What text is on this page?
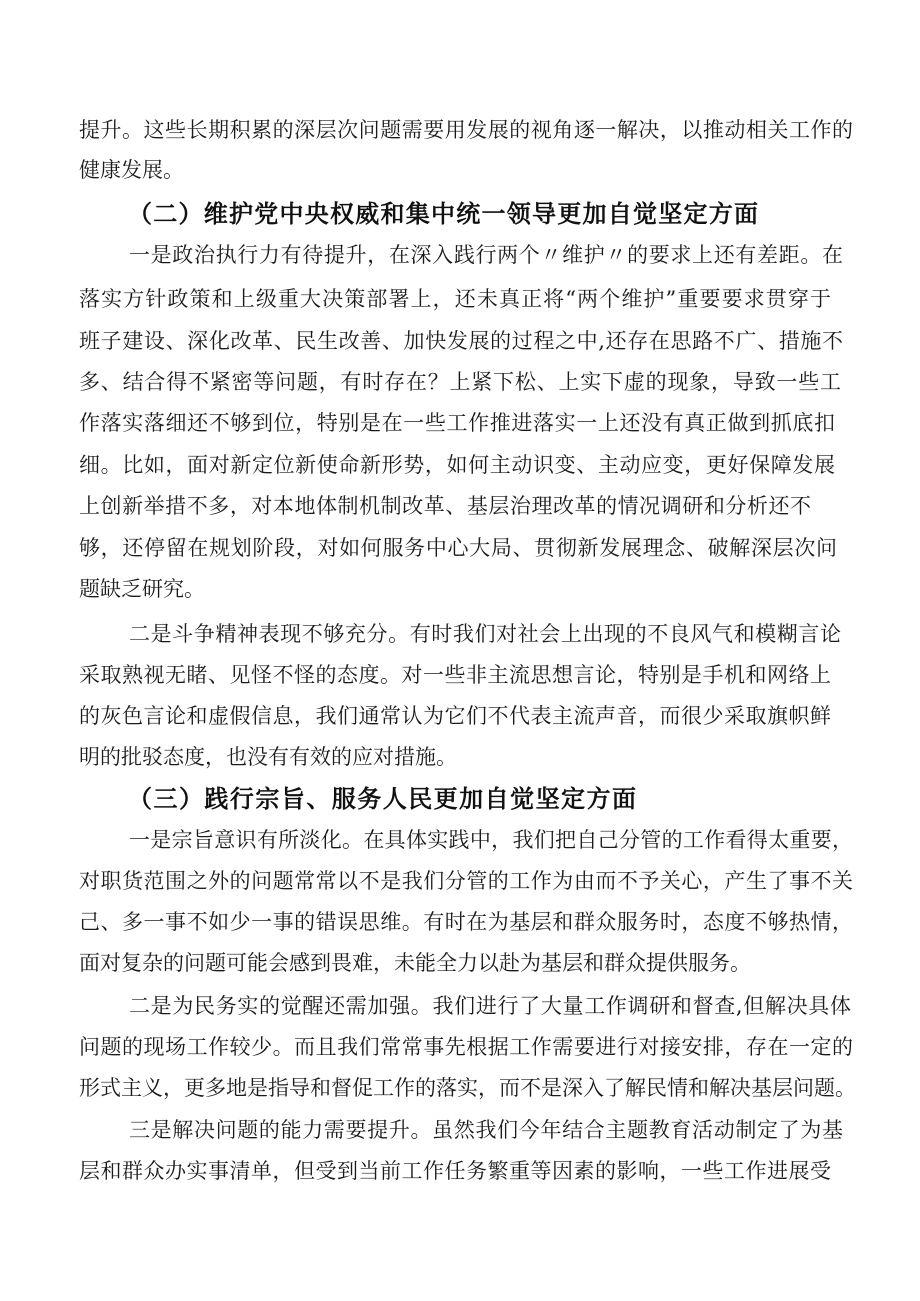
提升。这些长期积累的深层次问题需要用发展的视角逐一解决，以推动相关工作的

健康发展。

（二）维护党中央权威和集中统一领导更加自觉坚定方面

一是政治执行力有待提升，在深入践行两个〃维护〃的要求上还有差距。在

落实方针政策和上级重大决策部署上，还未真正将“两个维护”重要要求贯穿于

班子建设、深化改革、民生改善、加快发展的过程之中,还存在思路不广、措施不

多、结合得不紧密等问题，有时存在？上紧下松、上实下虚的现象，导致一些工

作落实落细还不够到位，特别是在一些工作推进落实一上还没有真正做到抓底扣

细。比如，面对新定位新使命新形势，如何主动识变、主动应变，更好保障发展

上创新举措不多，对本地体制机制改革、基层治理改革的情况调研和分析还不

够，还停留在规划阶段，对如何服务中心大局、贯彻新发展理念、破解深层次问

题缺乏研究。

二是斗争精神表现不够充分。有时我们对社会上出现的不良风气和模糊言论

采取熟视无睹、见怪不怪的态度。对一些非主流思想言论，特别是手机和网络上

的灰色言论和虚假信息，我们通常认为它们不代表主流声音，而很少采取旗帜鲜

明的批驳态度，也没有有效的应对措施。

（三）践行宗旨、服务人民更加自觉坚定方面

一是宗旨意识有所淡化。在具体实践中，我们把自己分管的工作看得太重要，

对职货范围之外的问题常常以不是我们分管的工作为由而不予关心，产生了事不关

己、多一事不如少一事的错误思维。有时在为基层和群众服务时，态度不够热情，

面对复杂的问题可能会感到畏难，未能全力以赴为基层和群众提供服务。

二是为民务实的觉醒还需加强。我们进行了大量工作调研和督查,但解决具体

问题的现场工作较少。而且我们常常事先根据工作需要进行对接安排，存在一定的

形式主义，更多地是指导和督促工作的落实，而不是深入了解民情和解决基层问题。

三是解决问题的能力需要提升。虽然我们今年结合主题教育活动制定了为基

层和群众办实事清单，但受到当前工作任务繁重等因素的影响，一些工作进展受
